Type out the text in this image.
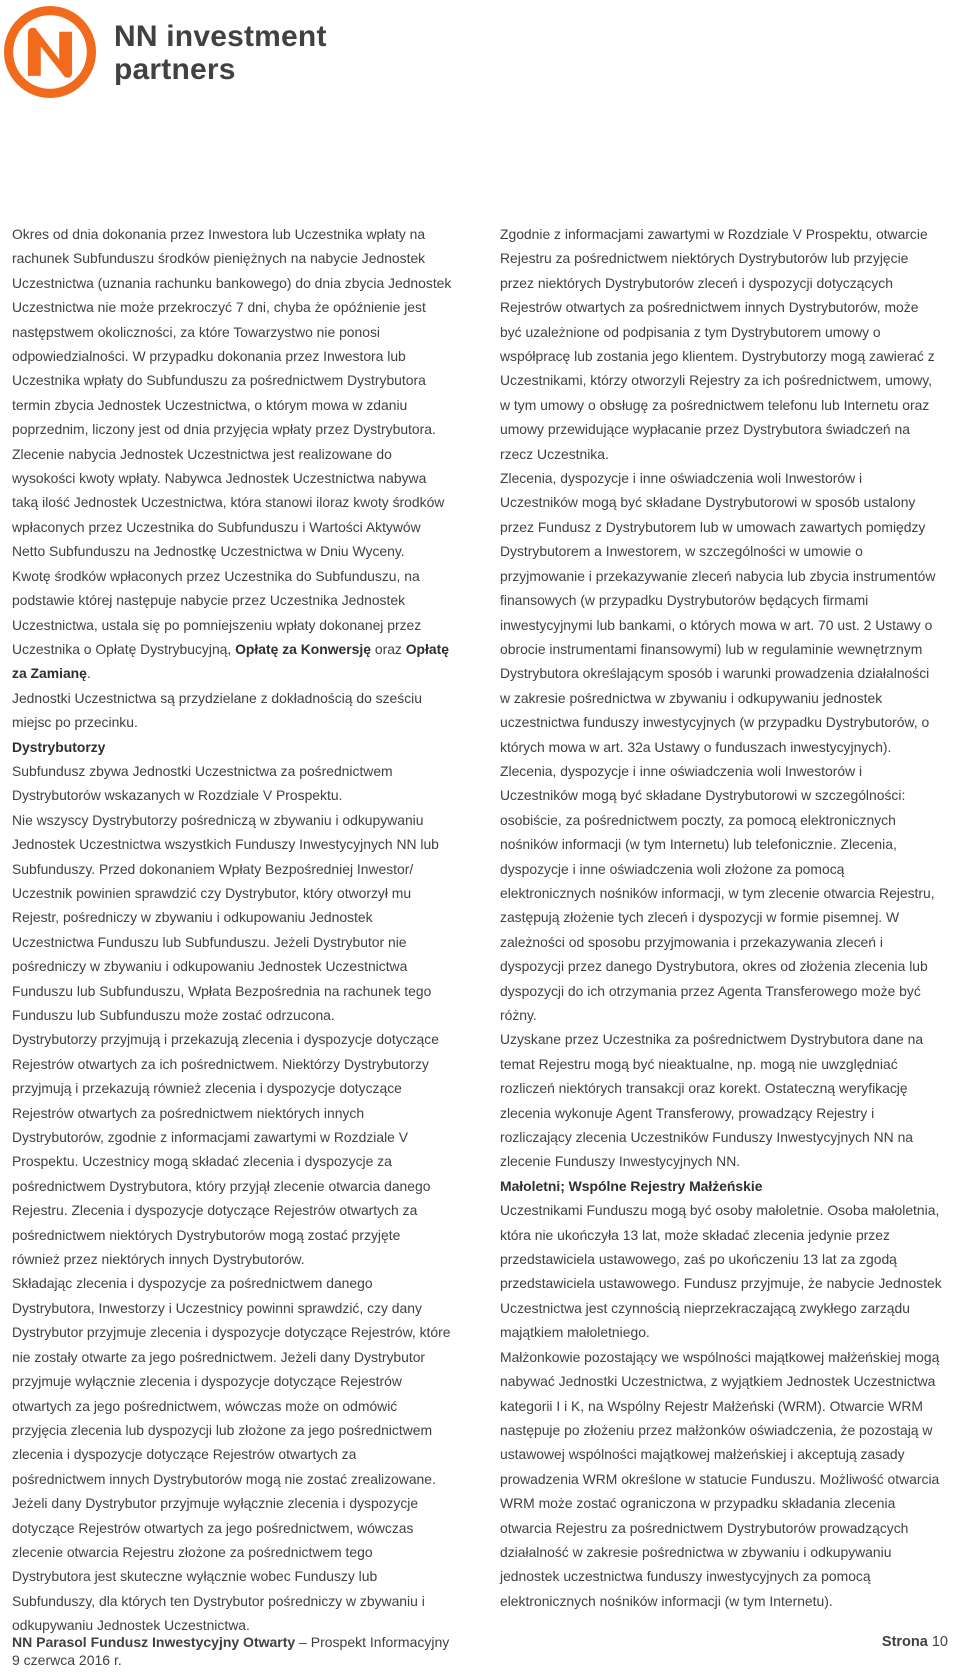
NN investment
partners

Okres od dnia dokonania przez Inwestora lub Uczestnika wpłaty na rachunek Subfunduszu środków pieniężnych na nabycie Jednostek Uczestnictwa (uznania rachunku bankowego) do dnia zbycia Jednostek Uczestnictwa nie może przekroczyć 7 dni, chyba że opóźnienie jest następstwem okoliczności, za które Towarzystwo nie ponosi odpowiedzialności. W przypadku dokonania przez Inwestora lub Uczestnika wpłaty do Subfunduszu za pośrednictwem Dystrybutora termin zbycia Jednostek Uczestnictwa, o którym mowa w zdaniu poprzednim, liczony jest od dnia przyjęcia wpłaty przez Dystrybutora.

Zlecenie nabycia Jednostek Uczestnictwa jest realizowane do wysokości kwoty wpłaty. Nabywca Jednostek Uczestnictwa nabywa taką ilość Jednostek Uczestnictwa, która stanowi iloraz kwoty środków wpłaconych przez Uczestnika do Subfunduszu i Wartości Aktywów Netto Subfunduszu na Jednostkę Uczestnictwa w Dniu Wyceny.

Kwotę środków wpłaconych przez Uczestnika do Subfunduszu, na podstawie której następuje nabycie przez Uczestnika Jednostek Uczestnictwa, ustala się po pomniejszeniu wpłaty dokonanej przez Uczestnika o Opłatę Dystrybucyjną, Opłatę za Konwersję oraz Opłatę za Zamianę.

Jednostki Uczestnictwa są przydzielane z dokładnością do sześciu miejsc po przecinku.

Dystrybutorzy

Subfundusz zbywa Jednostki Uczestnictwa za pośrednictwem Dystrybutorów wskazanych w Rozdziale V Prospektu.

Nie wszyscy Dystrybutorzy pośredniczą w zbywaniu i odkupywaniu Jednostek Uczestnictwa wszystkich Funduszy Inwestycyjnych NN lub Subfunduszy. Przed dokonaniem Wpłaty Bezpośredniej Inwestor/ Uczestnik powinien sprawdzić czy Dystrybutor, który otworzył mu Rejestr, pośredniczy w zbywaniu i odkupowaniu Jednostek Uczestnictwa Funduszu lub Subfunduszu. Jeżeli Dystrybutor nie pośredniczy w zbywaniu i odkupowaniu Jednostek Uczestnictwa Funduszu lub Subfunduszu, Wpłata Bezpośrednia na rachunek tego Funduszu lub Subfunduszu może zostać odrzucona.

Dystrybutorzy przyjmują i przekazują zlecenia i dyspozycje dotyczące Rejestrów otwartych za ich pośrednictwem. Niektórzy Dystrybutorzy przyjmują i przekazują również zlecenia i dyspozycje dotyczące Rejestrów otwartych za pośrednictwem niektórych innych Dystrybutorów, zgodnie z informacjami zawartymi w Rozdziale V Prospektu. Uczestnicy mogą składać zlecenia i dyspozycje za pośrednictwem Dystrybutora, który przyjął zlecenie otwarcia danego Rejestru. Zlecenia i dyspozycje dotyczące Rejestrów otwartych za pośrednictwem niektórych Dystrybutorów mogą zostać przyjęte również przez niektórych innych Dystrybutorów.

Składając zlecenia i dyspozycje za pośrednictwem danego Dystrybutora, Inwestorzy i Uczestnicy powinni sprawdzić, czy dany Dystrybutor przyjmuje zlecenia i dyspozycje dotyczące Rejestrów, które nie zostały otwarte za jego pośrednictwem. Jeżeli dany Dystrybutor przyjmuje wyłącznie zlecenia i dyspozycje dotyczące Rejestrów otwartych za jego pośrednictwem, wówczas może on odmówić przyjęcia zlecenia lub dyspozycji lub złożone za jego pośrednictwem zlecenia i dyspozycje dotyczące Rejestrów otwartych za pośrednictwem innych Dystrybutorów mogą nie zostać zrealizowane.

Jeżeli dany Dystrybutor przyjmuje wyłącznie zlecenia i dyspozycje dotyczące Rejestrów otwartych za jego pośrednictwem, wówczas zlecenie otwarcia Rejestru złożone za pośrednictwem tego Dystrybutora jest skuteczne wyłącznie wobec Funduszy lub Subfunduszy, dla których ten Dystrybutor pośredniczy w zbywaniu i odkupywaniu Jednostek Uczestnictwa.

Zgodnie z informacjami zawartymi w Rozdziale V Prospektu, otwarcie Rejestru za pośrednictwem niektórych Dystrybutorów lub przyjęcie przez niektórych Dystrybutorów zleceń i dyspozycji dotyczących Rejestrów otwartych za pośrednictwem innych Dystrybutorów, może być uzależnione od podpisania z tym Dystrybutorem umowy o współpracę lub zostania jego klientem. Dystrybutorzy mogą zawierać z Uczestnikami, którzy otworzyli Rejestry za ich pośrednictwem, umowy, w tym umowy o obsługę za pośrednictwem telefonu lub Internetu oraz umowy przewidujące wypłacanie przez Dystrybutora świadczeń na rzecz Uczestnika.

Zlecenia, dyspozycje i inne oświadczenia woli Inwestorów i Uczestników mogą być składane Dystrybutorowi w sposób ustalony przez Fundusz z Dystrybutorem lub w umowach zawartych pomiędzy Dystrybutorem a Inwestorem, w szczególności w umowie o przyjmowanie i przekazywanie zleceń nabycia lub zbycia instrumentów finansowych (w przypadku Dystrybutorów będących firmami inwestycyjnymi lub bankami, o których mowa w art. 70 ust. 2 Ustawy o obrocie instrumentami finansowymi) lub w regulaminie wewnętrznym Dystrybutora określającym sposób i warunki prowadzenia działalności w zakresie pośrednictwa w zbywaniu i odkupywaniu jednostek uczestnictwa funduszy inwestycyjnych (w przypadku Dystrybutorów, o których mowa w art. 32a Ustawy o funduszach inwestycyjnych).

Zlecenia, dyspozycje i inne oświadczenia woli Inwestorów i Uczestników mogą być składane Dystrybutorowi w szczególności: osobiście, za pośrednictwem poczty, za pomocą elektronicznych nośników informacji (w tym Internetu) lub telefonicznie. Zlecenia, dyspozycje i inne oświadczenia woli złożone za pomocą elektronicznych nośników informacji, w tym zlecenie otwarcia Rejestru, zastępują złożenie tych zleceń i dyspozycji w formie pisemnej. W zależności od sposobu przyjmowania i przekazywania zleceń i dyspozycji przez danego Dystrybutora, okres od złożenia zlecenia lub dyspozycji do ich otrzymania przez Agenta Transferowego może być różny.

Uzyskane przez Uczestnika za pośrednictwem Dystrybutora dane na temat Rejestru mogą być nieaktualne, np. mogą nie uwzględniać rozliczeń niektórych transakcji oraz korekt. Ostateczną weryfikację zlecenia wykonuje Agent Transferowy, prowadzący Rejestry i rozliczający zlecenia Uczestników Funduszy Inwestycyjnych NN na zlecenie Funduszy Inwestycyjnych NN.

Małoletni; Wspólne Rejestry Małżeńskie

Uczestnikami Funduszu mogą być osoby małoletnie. Osoba małoletnia, która nie ukończyła 13 lat, może składać zlecenia jedynie przez przedstawiciela ustawowego, zaś po ukończeniu 13 lat za zgodą przedstawiciela ustawowego. Fundusz przyjmuje, że nabycie Jednostek Uczestnictwa jest czynnością nieprzekraczającą zwykłego zarządu majątkiem małoletniego.

Małżonkowie pozostający we wspólności majątkowej małżeńskiej mogą nabywać Jednostki Uczestnictwa, z wyjątkiem Jednostek Uczestnictwa kategorii I i K, na Wspólny Rejestr Małżeński (WRM). Otwarcie WRM następuje po złożeniu przez małżonków oświadczenia, że pozostają w ustawowej wspólności majątkowej małżeńskiej i akceptują zasady prowadzenia WRM określone w statucie Funduszu. Możliwość otwarcia WRM może zostać ograniczona w przypadku składania zlecenia otwarcia Rejestru za pośrednictwem Dystrybutorów prowadzących działalność w zakresie pośrednictwa w zbywaniu i odkupywaniu jednostek uczestnictwa funduszy inwestycyjnych za pomocą elektronicznych nośników informacji (w tym Internetu).

NN Parasol Fundusz Inwestycyjny Otwarty – Prospekt Informacyjny
9 czerwca 2016 r.
Strona 10
